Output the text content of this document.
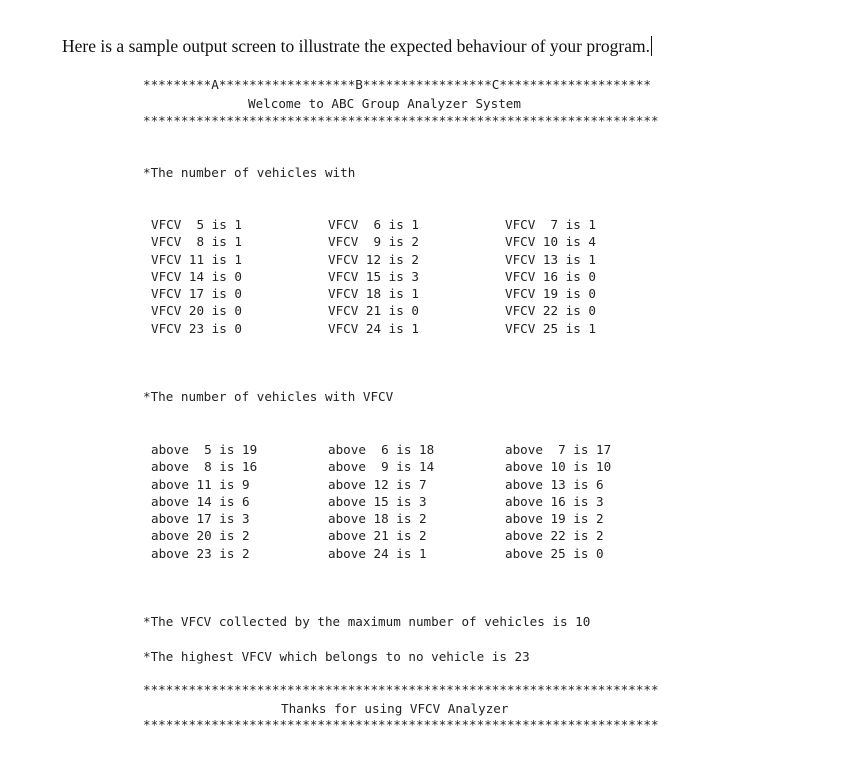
Here is a sample output screen to illustrate the expected behaviour of your program.
*********A******************B*****************C********************
Welcome to ABC Group Analyzer System
********************************************************************
*The number of vehicles with
VFCV  5 is 1	VFCV  6 is 1	VFCV  7 is 1
VFCV  8 is 1	VFCV  9 is 2	VFCV 10 is 4
VFCV 11 is 1	VFCV 12 is 2	VFCV 13 is 1
VFCV 14 is 0	VFCV 15 is 3	VFCV 16 is 0
VFCV 17 is 0	VFCV 18 is 1	VFCV 19 is 0
VFCV 20 is 0	VFCV 21 is 0	VFCV 22 is 0
VFCV 23 is 0	VFCV 24 is 1	VFCV 25 is 1
*The number of vehicles with VFCV
above  5 is 19	above  6 is 18	above  7 is 17
above  8 is 16	above  9 is 14	above 10 is 10
above 11 is 9	above 12 is 7	above 13 is 6
above 14 is 6	above 15 is 3	above 16 is 3
above 17 is 3	above 18 is 2	above 19 is 2
above 20 is 2	above 21 is 2	above 22 is 2
above 23 is 2	above 24 is 1	above 25 is 0
*The VFCV collected by the maximum number of vehicles is 10
*The highest VFCV which belongs to no vehicle is 23
********************************************************************
Thanks for using VFCV Analyzer
********************************************************************
